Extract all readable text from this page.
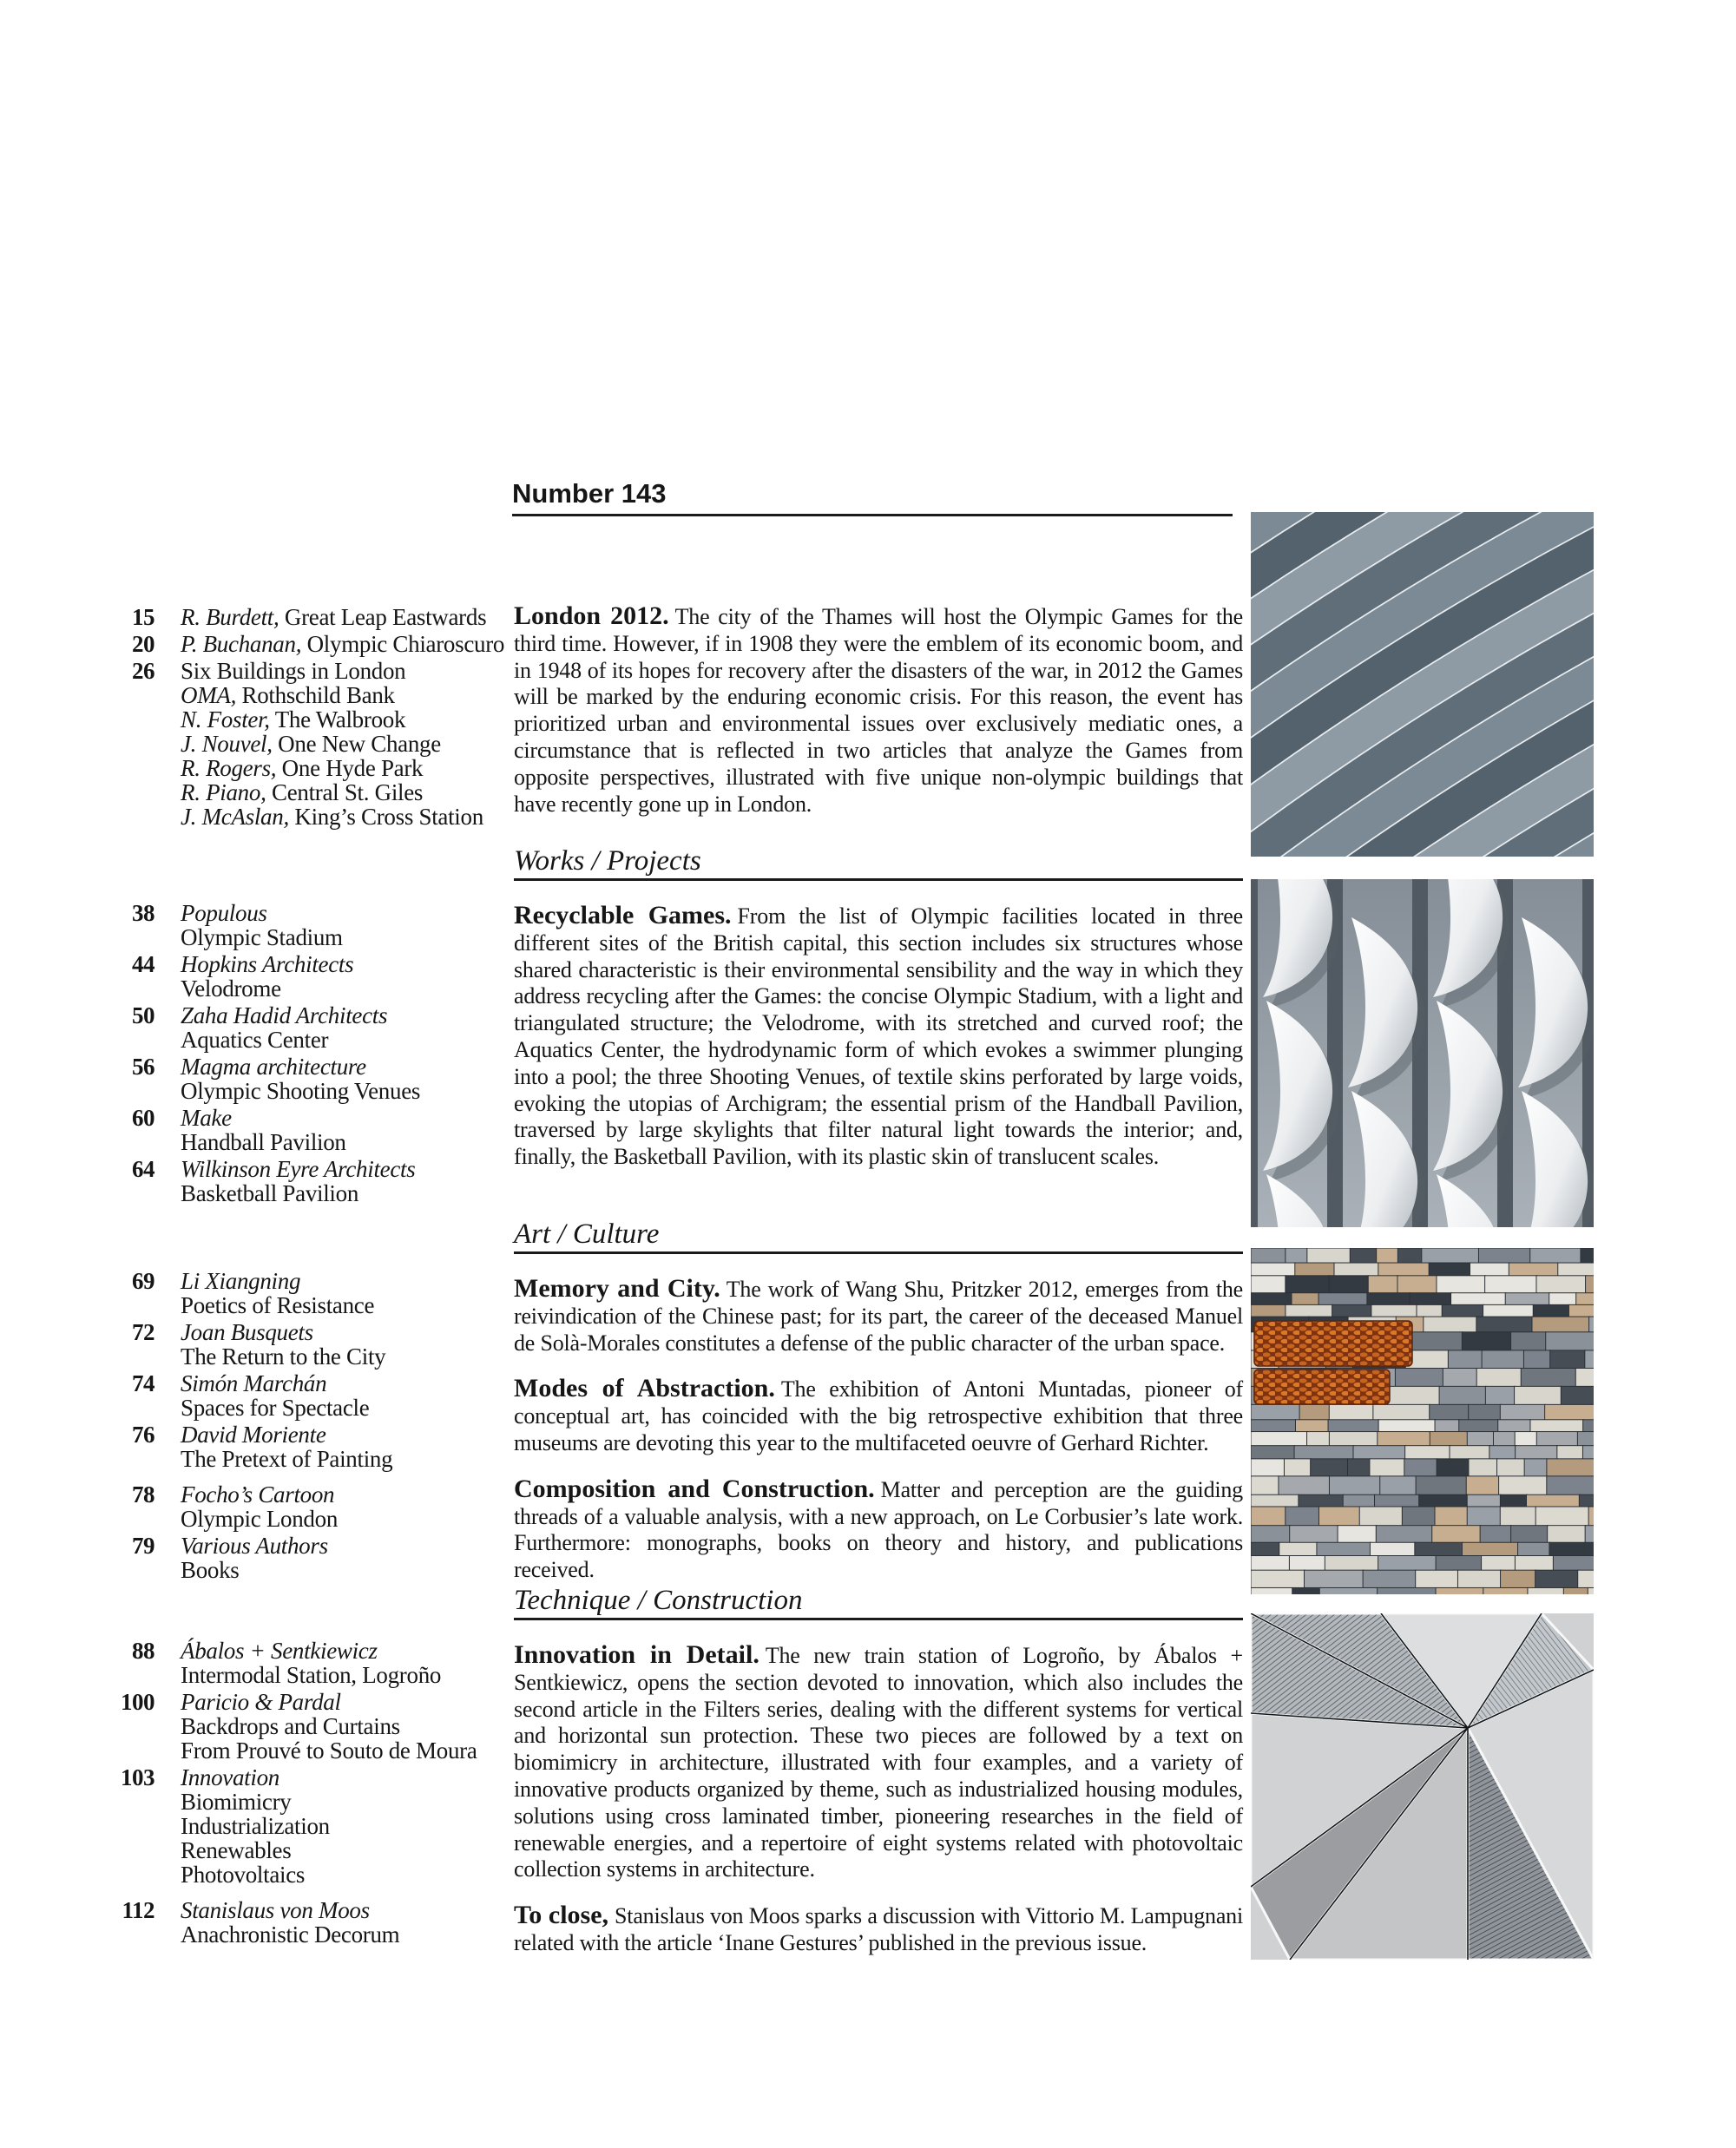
Number 143
15 R. Burdett, Great Leap Eastwards
20 P. Buchanan, Olympic Chiaroscuro
26 Six Buildings in London
OMA, Rothschild Bank
N. Foster, The Walbrook
J. Nouvel, One New Change
R. Rogers, One Hyde Park
R. Piano, Central St. Giles
J. McAslan, King’s Cross Station
38 Populous
Olympic Stadium
44 Hopkins Architects
Velodrome
50 Zaha Hadid Architects
Aquatics Center
56 Magma architecture
Olympic Shooting Venues
60 Make
Handball Pavilion
64 Wilkinson Eyre Architects
Basketball Pavilion
69 Li Xiangning
Poetics of Resistance
72 Joan Busquets
The Return to the City
74 Simón Marchán
Spaces for Spectacle
76 David Moriente
The Pretext of Painting
78 Focho’s Cartoon
Olympic London
79 Various Authors
Books
88 Ábalos + Sentkiewicz
Intermodal Station, Logroño
100 Paricio & Pardal
Backdrops and Curtains
From Prouvé to Souto de Moura
103 Innovation
Biomimicry
Industrialization
Renewables
Photovoltaics
112 Stanislaus von Moos
Anachronistic Decorum

London 2012. The city of the Thames will host the Olympic Games for the third time. However, if in 1908 they were the emblem of its economic boom, and in 1948 of its hopes for recovery after the disasters of the war, in 2012 the Games will be marked by the enduring economic crisis. For this reason, the event has prioritized urban and environmental issues over exclusively mediatic ones, a circumstance that is reflected in two articles that analyze the Games from opposite perspectives, illustrated with five unique non-olympic buildings that have recently gone up in London.

Works / Projects

Recyclable Games. From the list of Olympic facilities located in three different sites of the British capital, this section includes six structures whose shared characteristic is their environmental sensibility and the way in which they address recycling after the Games: the concise Olympic Stadium, with a light and triangulated structure; the Velodrome, with its stretched and curved roof; the Aquatics Center, the hydrodynamic form of which evokes a swimmer plunging into a pool; the three Shooting Venues, of textile skins perforated by large voids, evoking the utopias of Archigram; the essential prism of the Handball Pavilion, traversed by large skylights that filter natural light towards the interior; and, finally, the Basketball Pavilion, with its plastic skin of translucent scales.

Art / Culture

Memory and City. The work of Wang Shu, Pritzker 2012, emerges from the reivindication of the Chinese past; for its part, the career of the deceased Manuel de Solà-Morales constitutes a defense of the public character of the urban space.

Modes of Abstraction. The exhibition of Antoni Muntadas, pioneer of conceptual art, has coincided with the big retrospective exhibition that three museums are devoting this year to the multifaceted oeuvre of Gerhard Richter.

Composition and Construction. Matter and perception are the guiding threads of a valuable analysis, with a new approach, on Le Corbusier’s late work. Furthermore: monographs, books on theory and history, and publications received.

Technique / Construction

Innovation in Detail. The new train station of Logroño, by Ábalos + Sentkiewicz, opens the section devoted to innovation, which also includes the second article in the Filters series, dealing with the different systems for vertical and horizontal sun protection. These two pieces are followed by a text on biomimicry in architecture, illustrated with four examples, and a variety of innovative products organized by theme, such as industrialized housing modules, solutions using cross laminated timber, pioneering researches in the field of renewable energies, and a repertoire of eight systems related with photovoltaic collection systems in architecture.

To close, Stanislaus von Moos sparks a discussion with Vittorio M. Lampugnani related with the article ‘Inane Gestures’ published in the previous issue.
